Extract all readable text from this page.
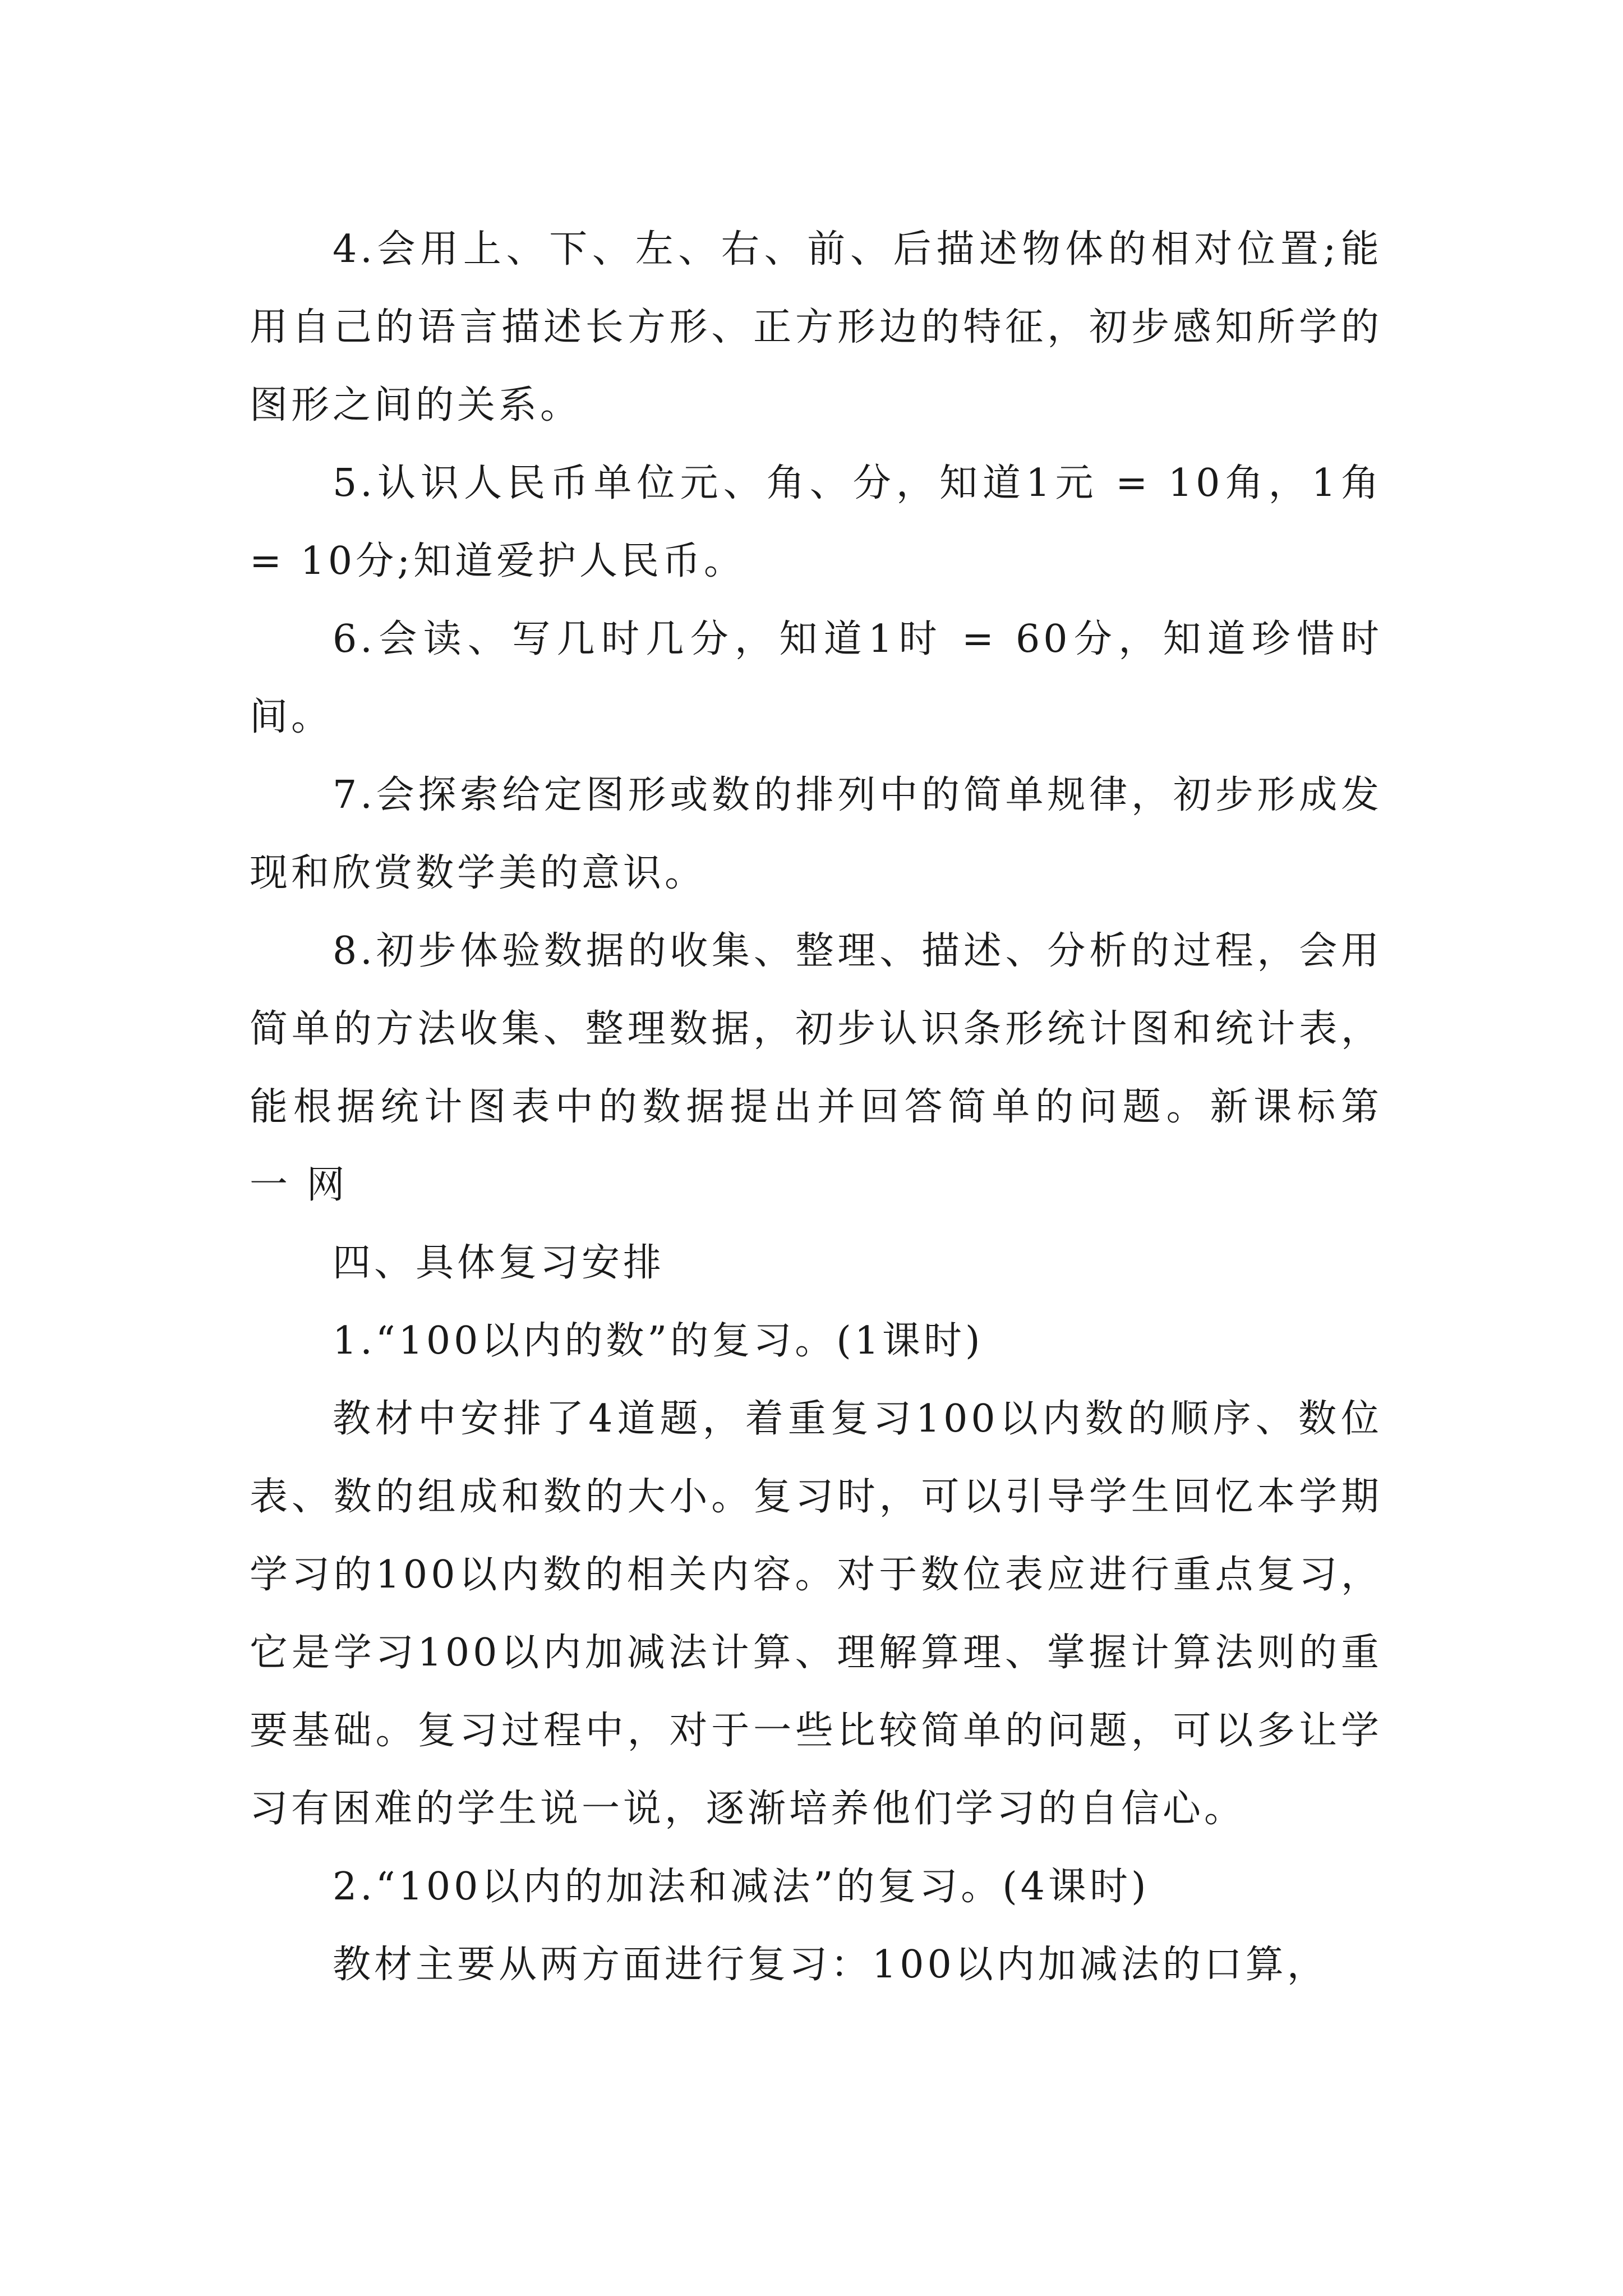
4.会用上、下、左、右、前、后描述物体的相对位置;能用自己的语言描述长方形、正方形边的特征，初步感知所学的图形之间的关系。

5.认识人民币单位元、角、分，知道1元 = 10角，1角 = 10分;知道爱护人民币。

6.会读、写几时几分，知道1时 = 60分，知道珍惜时间。

7.会探索给定图形或数的排列中的简单规律，初步形成发现和欣赏数学美的意识。

8.初步体验数据的收集、整理、描述、分析的过程，会用简单的方法收集、整理数据，初步认识条形统计图和统计表，能根据统计图表中的数据提出并回答简单的问题。新课标第 一 网

四、具体复习安排

1.“100以内的数”的复习。(1课时)

教材中安排了4道题，着重复习100以内数的顺序、数位表、数的组成和数的大小。复习时，可以引导学生回忆本学期学习的100以内数的相关内容。对于数位表应进行重点复习，它是学习100以内加减法计算、理解算理、掌握计算法则的重要基础。复习过程中，对于一些比较简单的问题，可以多让学习有困难的学生说一说，逐渐培养他们学习的自信心。

2.“100以内的加法和减法”的复习。(4课时)

教材主要从两方面进行复习：100以内加减法的口算，
